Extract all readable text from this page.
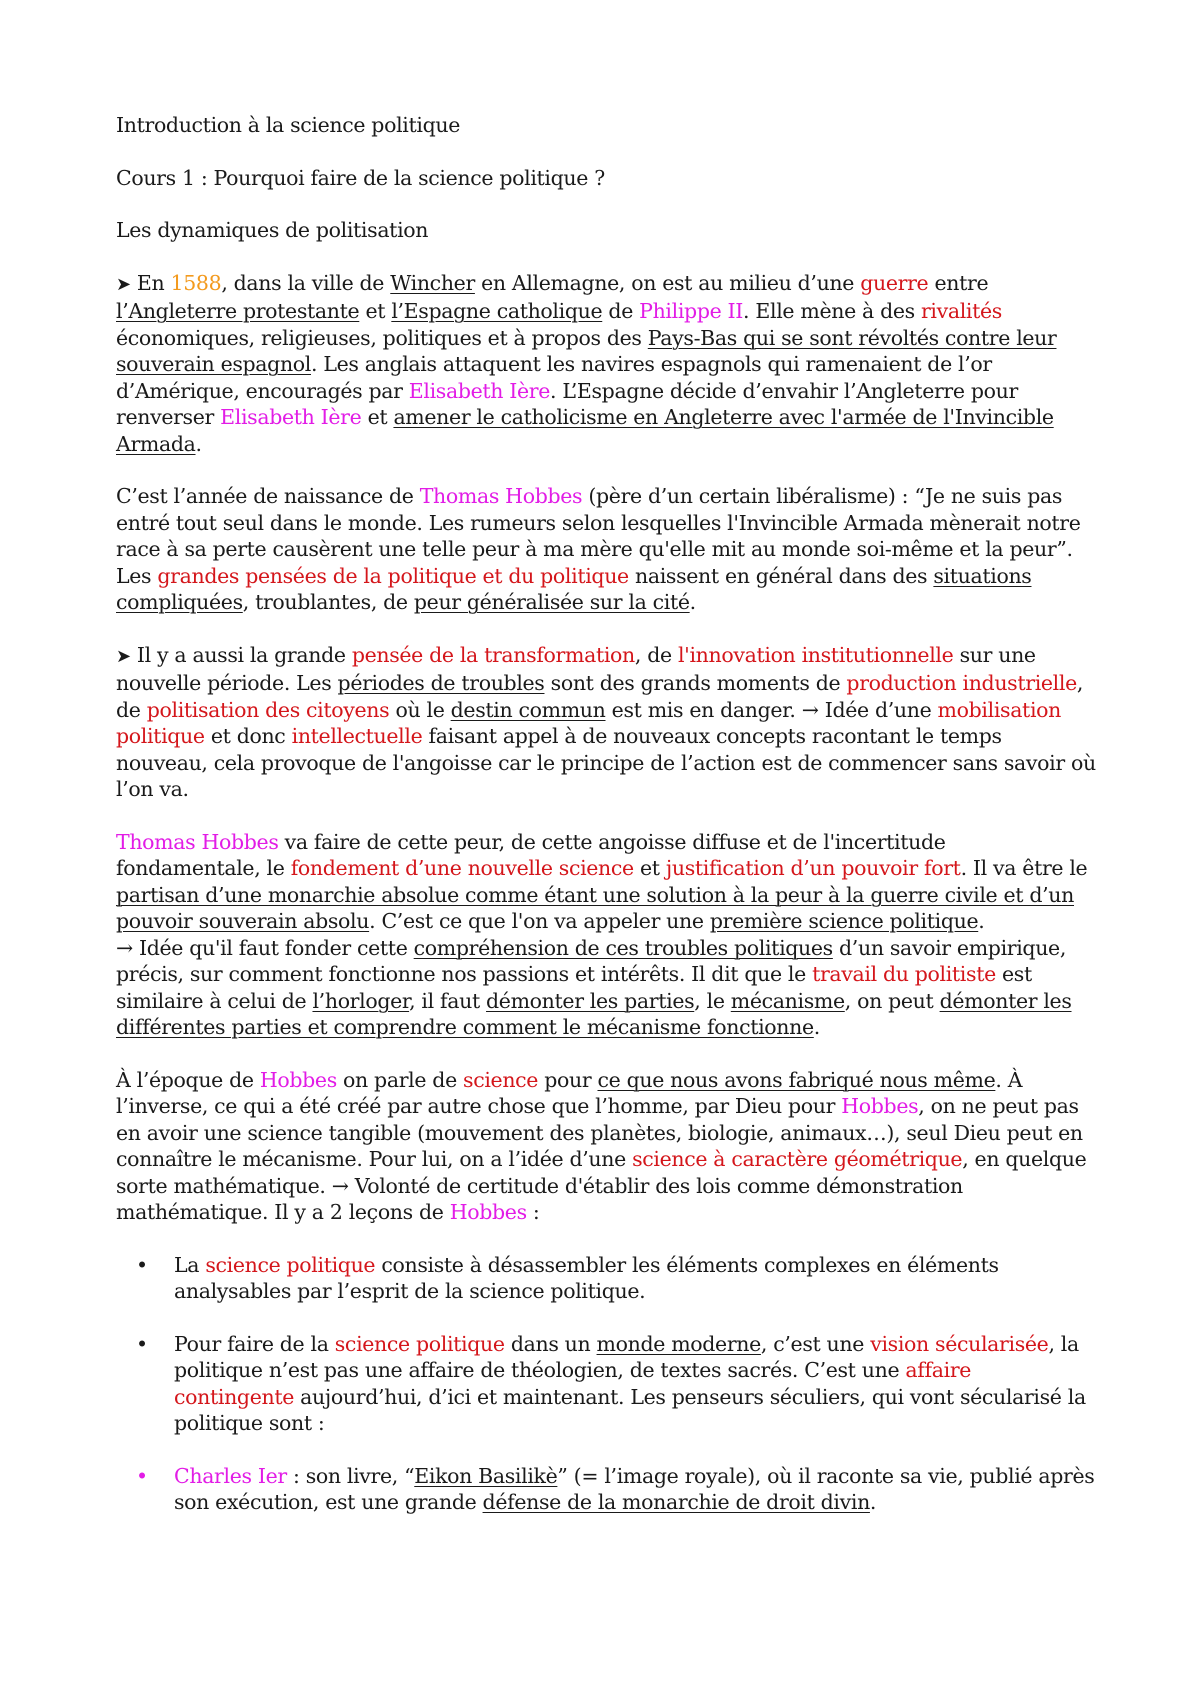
Introduction à la science politique

Cours 1 : Pourquoi faire de la science politique ?

Les dynamiques de politisation

➤ En 1588, dans la ville de Wincher en Allemagne, on est au milieu d’une guerre entre l’Angleterre protestante et l’Espagne catholique de Philippe II. Elle mène à des rivalités économiques, religieuses, politiques et à propos des Pays-Bas qui se sont révoltés contre leur souverain espagnol. Les anglais attaquent les navires espagnols qui ramenaient de l’or d’Amérique, encouragés par Elisabeth Ière. L’Espagne décide d’envahir l’Angleterre pour renverser Elisabeth Ière et amener le catholicisme en Angleterre avec l'armée de l'Invincible Armada.

C’est l’année de naissance de Thomas Hobbes (père d’un certain libéralisme) : “Je ne suis pas entré tout seul dans le monde. Les rumeurs selon lesquelles l'Invincible Armada mènerait notre race à sa perte causèrent une telle peur à ma mère qu'elle mit au monde soi-même et la peur”. Les grandes pensées de la politique et du politique naissent en général dans des situations compliquées, troublantes, de peur généralisée sur la cité.

➤ Il y a aussi la grande pensée de la transformation, de l'innovation institutionnelle sur une nouvelle période. Les périodes de troubles sont des grands moments de production industrielle, de politisation des citoyens où le destin commun est mis en danger. → Idée d’une mobilisation politique et donc intellectuelle faisant appel à de nouveaux concepts racontant le temps nouveau, cela provoque de l'angoisse car le principe de l’action est de commencer sans savoir où l’on va.

Thomas Hobbes va faire de cette peur, de cette angoisse diffuse et de l'incertitude fondamentale, le fondement d’une nouvelle science et justification d’un pouvoir fort. Il va être le partisan d’une monarchie absolue comme étant une solution à la peur à la guerre civile et d’un pouvoir souverain absolu. C’est ce que l'on va appeler une première science politique.

→ Idée qu'il faut fonder cette compréhension de ces troubles politiques d’un savoir empirique, précis, sur comment fonctionne nos passions et intérêts. Il dit que le travail du politiste est similaire à celui de l’horloger, il faut démonter les parties, le mécanisme, on peut démonter les différentes parties et comprendre comment le mécanisme fonctionne.

À l’époque de Hobbes on parle de science pour ce que nous avons fabriqué nous même. À l’inverse, ce qui a été créé par autre chose que l’homme, par Dieu pour Hobbes, on ne peut pas en avoir une science tangible (mouvement des planètes, biologie, animaux…), seul Dieu peut en connaître le mécanisme. Pour lui, on a l’idée d’une science à caractère géométrique, en quelque sorte mathématique. → Volonté de certitude d'établir des lois comme démonstration mathématique. Il y a 2 leçons de Hobbes :

• La science politique consiste à désassembler les éléments complexes en éléments analysables par l’esprit de la science politique.
• Pour faire de la science politique dans un monde moderne, c’est une vision sécularisée, la politique n’est pas une affaire de théologien, de textes sacrés. C’est une affaire contingente aujourd’hui, d’ici et maintenant. Les penseurs séculiers, qui vont sécularisé la politique sont :
• Charles Ier : son livre, “Eikon Basilikè” (= l’image royale), où il raconte sa vie, publié après son exécution, est une grande défense de la monarchie de droit divin.
